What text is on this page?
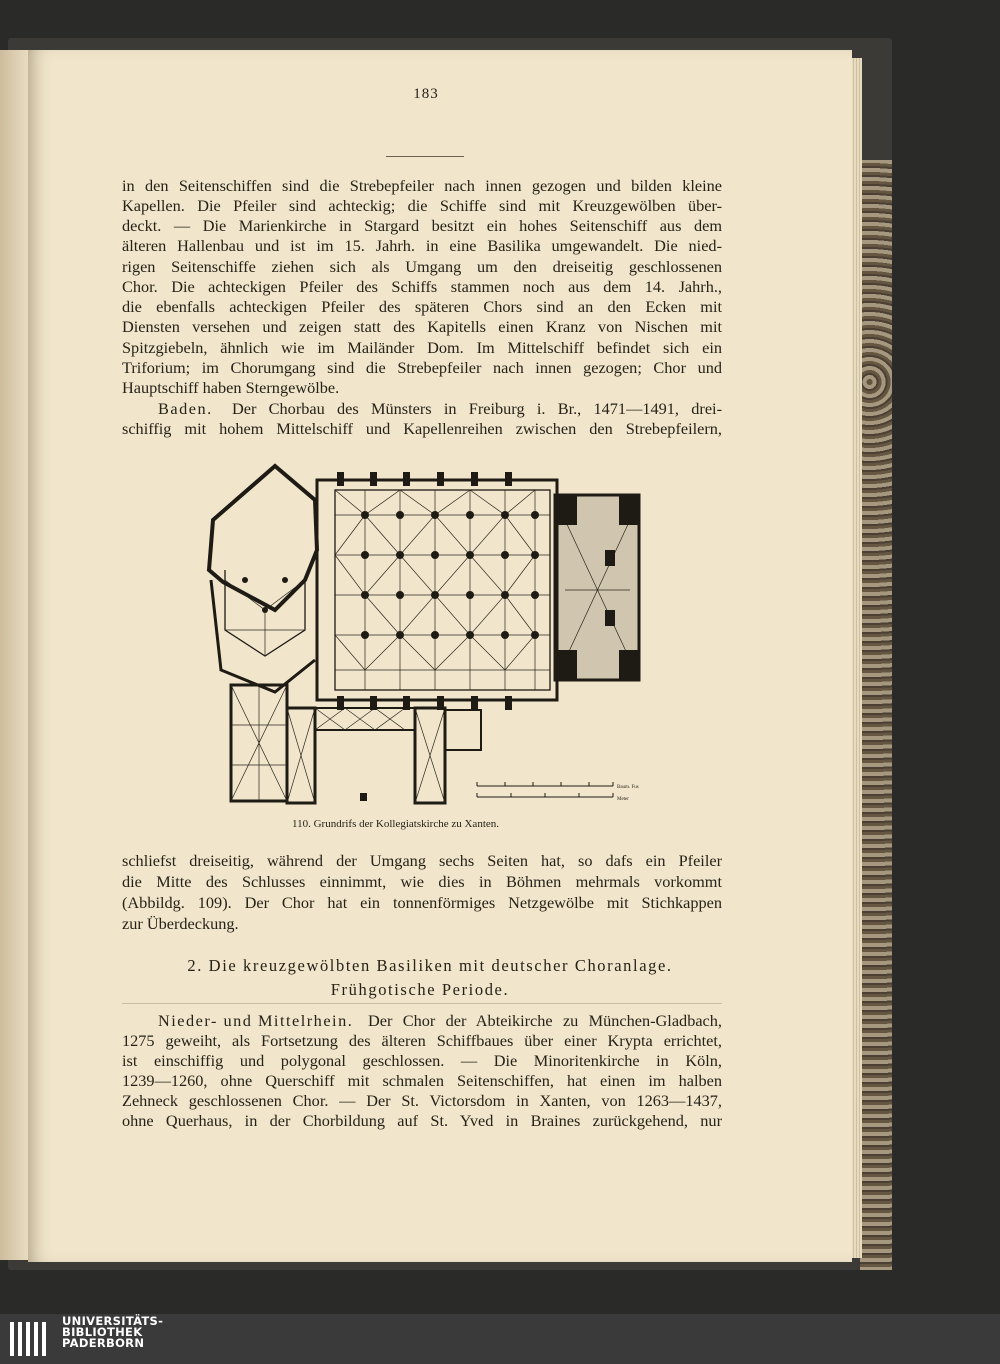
183
in den Seitenschiffen sind die Strebepfeiler nach innen gezogen und bilden kleine
Kapellen. Die Pfeiler sind achteckig; die Schiffe sind mit Kreuzgewölben über-
deckt. — Die Marienkirche in Stargard besitzt ein hohes Seitenschiff aus dem
älteren Hallenbau und ist im 15. Jahrh. in eine Basilika umgewandelt. Die nied-
rigen Seitenschiffe ziehen sich als Umgang um den dreiseitig geschlossenen
Chor. Die achteckigen Pfeiler des Schiffs stammen noch aus dem 14. Jahrh.,
die ebenfalls achteckigen Pfeiler des späteren Chors sind an den Ecken mit
Diensten versehen und zeigen statt des Kapitells einen Kranz von Nischen mit
Spitzgiebeln, ähnlich wie im Mailänder Dom. Im Mittelschiff befindet sich ein
Triforium; im Chorumgang sind die Strebepfeiler nach innen gezogen; Chor und
Hauptschiff haben Sterngewölbe.
Baden.	Der Chorbau des Münsters in Freiburg i. Br., 1471—1491, drei-
schiffig mit hohem Mittelschiff und Kapellenreihen zwischen den Strebepfeilern,
Baum. Fus
Meter
110. Grundrifs der Kollegiatskirche zu Xanten.
schliefst dreiseitig, während der Umgang sechs Seiten hat, so dafs ein Pfeiler
die Mitte des Schlusses einnimmt, wie dies in Böhmen mehrmals vorkommt
(Abbildg. 109). Der Chor hat ein tonnenförmiges Netzgewölbe mit Stichkappen
zur Überdeckung.
2. Die kreuzgewölbten Basiliken mit deutscher Choranlage.
Frühgotische Periode.
Nieder- und Mittelrhein. Der Chor der Abteikirche zu München-Gladbach,
1275 geweiht, als Fortsetzung des älteren Schiffbaues über einer Krypta errichtet,
ist einschiffig und polygonal geschlossen. — Die Minoritenkirche in Köln,
1239—1260, ohne Querschiff mit schmalen Seitenschiffen, hat einen im halben
Zehneck geschlossenen Chor. — Der St. Victorsdom in Xanten, von 1263—1437,
ohne Querhaus, in der Chorbildung auf St. Yved in Braines zurückgehend, nur
UNIVERSITÄTS-
BIBLIOTHEK
PADERBORN
